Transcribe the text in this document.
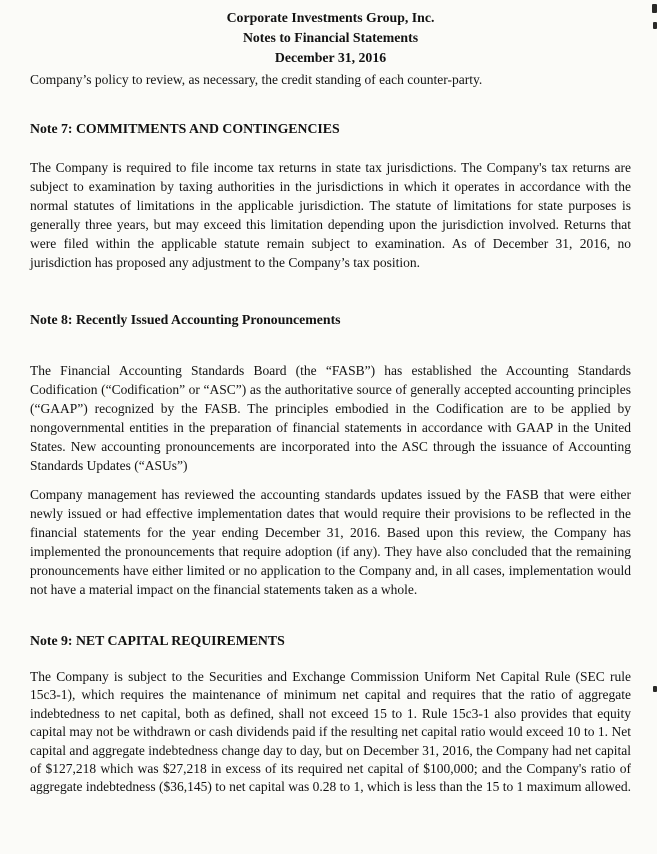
Corporate Investments Group, Inc.
Notes to Financial Statements
December 31, 2016

Company’s policy to review, as necessary, the credit standing of each counter-party.

Note 7: COMMITMENTS AND CONTINGENCIES

The Company is required to file income tax returns in state tax jurisdictions. The Company's tax returns are subject to examination by taxing authorities in the jurisdictions in which it operates in accordance with the normal statutes of limitations in the applicable jurisdiction. The statute of limitations for state purposes is generally three years, but may exceed this limitation depending upon the jurisdiction involved. Returns that were filed within the applicable statute remain subject to examination. As of December 31, 2016, no jurisdiction has proposed any adjustment to the Company’s tax position.

Note 8: Recently Issued Accounting Pronouncements

The Financial Accounting Standards Board (the “FASB”) has established the Accounting Standards Codification (“Codification” or “ASC”) as the authoritative source of generally accepted accounting principles (“GAAP”) recognized by the FASB. The principles embodied in the Codification are to be applied by nongovernmental entities in the preparation of financial statements in accordance with GAAP in the United States. New accounting pronouncements are incorporated into the ASC through the issuance of Accounting Standards Updates (“ASUs”)

Company management has reviewed the accounting standards updates issued by the FASB that were either newly issued or had effective implementation dates that would require their provisions to be reflected in the financial statements for the year ending December 31, 2016. Based upon this review, the Company has implemented the pronouncements that require adoption (if any). They have also concluded that the remaining pronouncements have either limited or no application to the Company and, in all cases, implementation would not have a material impact on the financial statements taken as a whole.

Note 9: NET CAPITAL REQUIREMENTS

The Company is subject to the Securities and Exchange Commission Uniform Net Capital Rule (SEC rule 15c3-1), which requires the maintenance of minimum net capital and requires that the ratio of aggregate indebtedness to net capital, both as defined, shall not exceed 15 to 1. Rule 15c3-1 also provides that equity capital may not be withdrawn or cash dividends paid if the resulting net capital ratio would exceed 10 to 1. Net capital and aggregate indebtedness change day to day, but on December 31, 2016, the Company had net capital of $127,218 which was $27,218 in excess of its required net capital of $100,000; and the Company's ratio of aggregate indebtedness ($36,145) to net capital was 0.28 to 1, which is less than the 15 to 1 maximum allowed.
